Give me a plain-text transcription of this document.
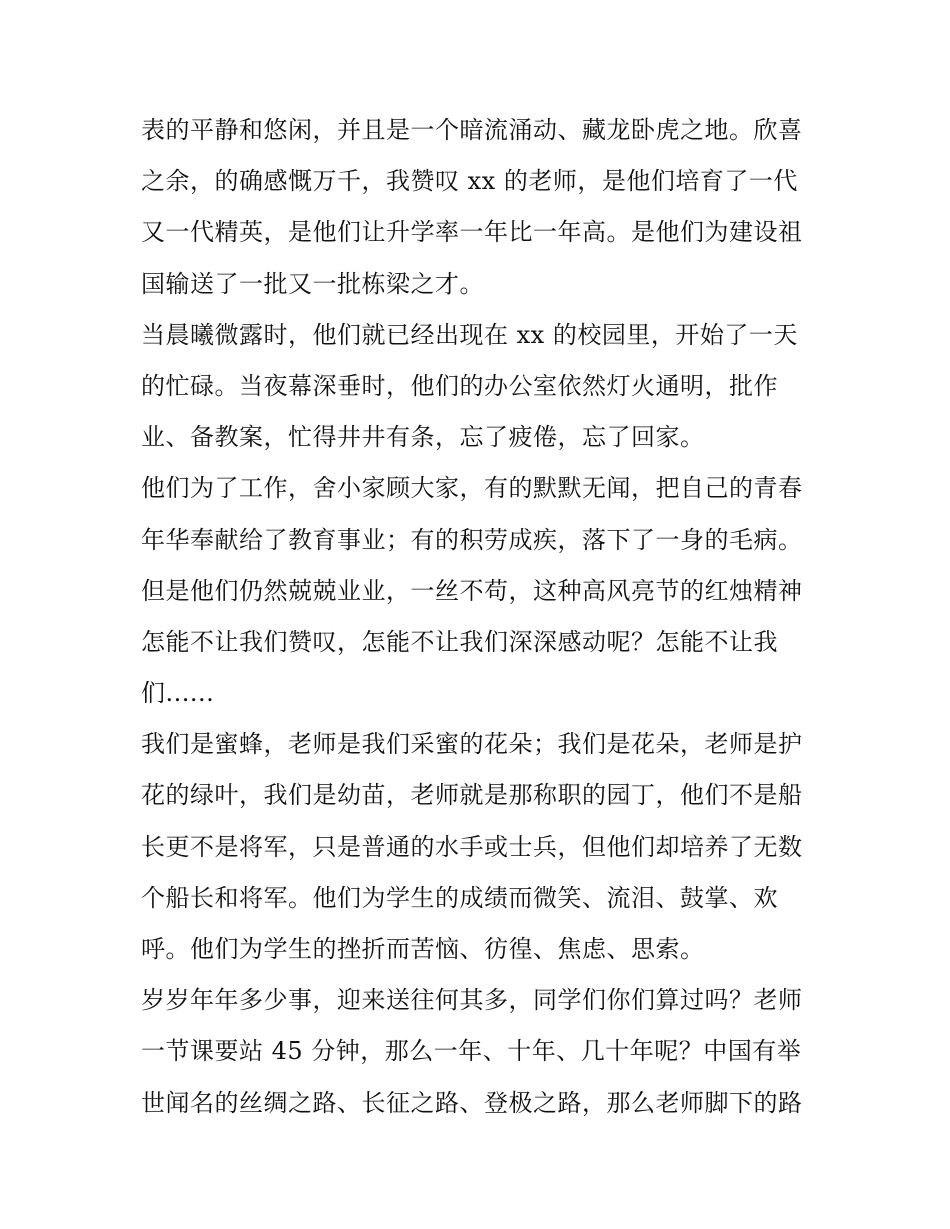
表的平静和悠闲，并且是一个暗流涌动、藏龙卧虎之地。欣喜
之余，的确感慨万千，我赞叹 xx 的老师，是他们培育了一代
又一代精英，是他们让升学率一年比一年高。是他们为建设祖
国输送了一批又一批栋梁之才。

当晨曦微露时，他们就已经出现在 xx 的校园里，开始了一天
的忙碌。当夜幕深垂时，他们的办公室依然灯火通明，批作
业、备教案，忙得井井有条，忘了疲倦，忘了回家。

他们为了工作，舍小家顾大家，有的默默无闻，把自己的青春
年华奉献给了教育事业；有的积劳成疾，落下了一身的毛病。
但是他们仍然兢兢业业，一丝不苟，这种高风亮节的红烛精神
怎能不让我们赞叹，怎能不让我们深深感动呢？怎能不让我
们......

我们是蜜蜂，老师是我们采蜜的花朵；我们是花朵，老师是护
花的绿叶，我们是幼苗，老师就是那称职的园丁，他们不是船
长更不是将军，只是普通的水手或士兵，但他们却培养了无数
个船长和将军。他们为学生的成绩而微笑、流泪、鼓掌、欢
呼。他们为学生的挫折而苦恼、彷徨、焦虑、思索。

岁岁年年多少事，迎来送往何其多，同学们你们算过吗？老师
一节课要站 45 分钟，那么一年、十年、几十年呢？中国有举
世闻名的丝绸之路、长征之路、登极之路，那么老师脚下的路
